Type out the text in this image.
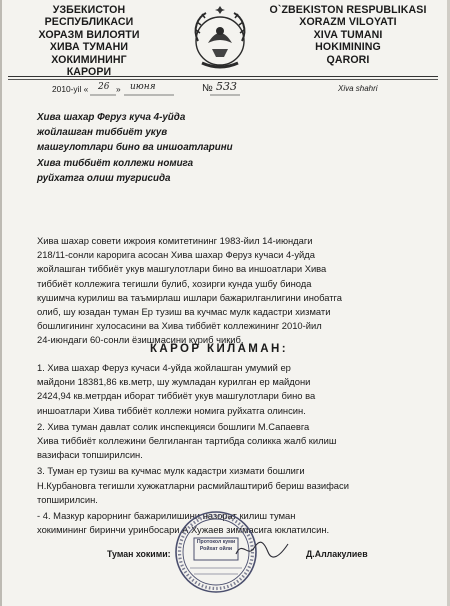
УЗБЕКИСТОН РЕСПУБЛИКАСИ
ХОРАЗМ ВИЛОЯТИ
ХИВА ТУМАНИ
ХОКИМИНИНГ
КАРОРИ
O`ZBEKISTON RESPUBLIKASI
XORAZM VILOYATI
XIVA TUMANI
HOKIMINING
QARORI
2010-yil « 26 » июня	№ 533	Xiva shahri
Хива шахар Феруз куча 4-уйда
жойлашган тиббиёт укув
машгулотлари бино ва иншоатларини
Хива тиббиёт коллежи номига
руйхатга олиш тугрисида
Хива шахар совети ижроия комитетининг 1983-йил 14-июндаги
218/11-сонли карорига асосан Хива шахар Феруз кучаси 4-уйда
жойлашган тиббиёт укув машгулотлари бино ва иншоатлари Хива
тиббиёт коллежига тегишли булиб, хозирги кунда ушбу бинода
кушимча курилиш ва таъмирлаш ишлари бажарилганлигини инобатга
олиб, шу юзадан туман Ер тузиш ва кучмас мулк кадастри хизмати
бошлигининг хулосасини ва Хива тиббиёт коллежининг 2010-йил
24-июндаги 60-сонли ёзишмасини куриб чикиб,
КАРОР КИЛАМАН:
1. Хива шахар Феруз кучаси 4-уйда жойлашган умумий ер
майдони 18381,86 кв.метр, шу жумладан курилган ер майдони
2424,94 кв.метрдан иборат тиббиёт укув машгулотлари бино ва
иншоатлари Хива тиббиёт коллежи номига руйхатга олинсин.
2. Хива туман давлат солик инспекцияси бошлиги М.Сапаевга
Хива тиббиёт коллежини белгиланган тартибда соликка жалб килиш
вазифаси топширилсин.
3. Туман ер тузиш ва кучмас мулк кадастри хизмати бошлиги
Н.Курбановга тегишли хужжатларни расмийлаштириб бериш вазифаси
топширилсин.
- 4. Мазкур карорнинг бажарилишини назорат килиш туман
хокимининг биринчи уринбосари А.Хужаев зиммасига юклатилсин.
Протокол куми
Ройхат ойли
Туман хокими:	Д.Аллакулиев
